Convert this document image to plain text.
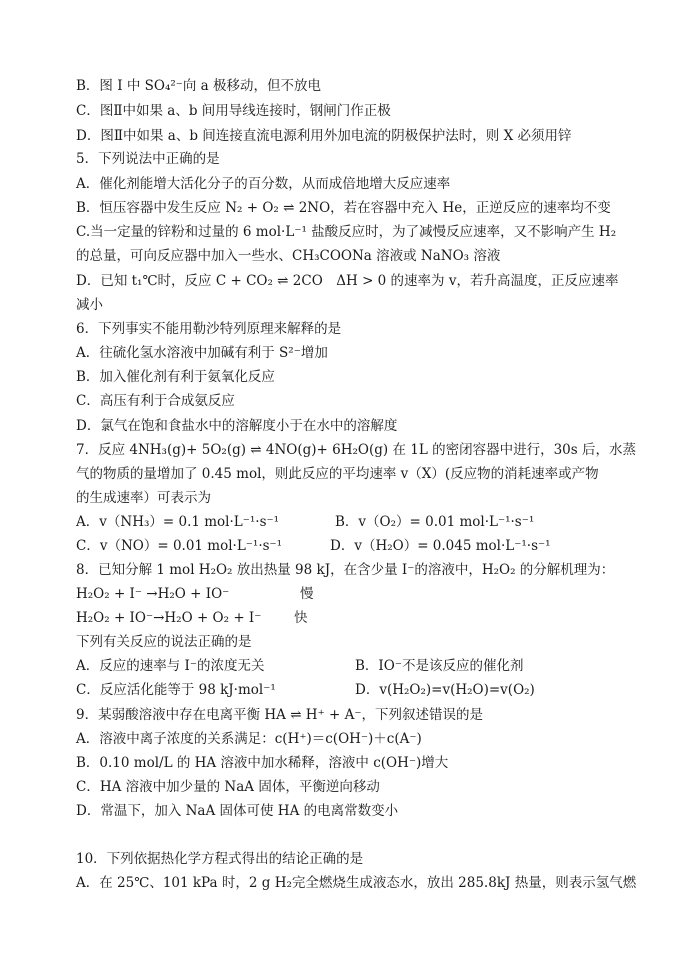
B．图 I 中 SO₄²⁻向 a 极移动，但不放电
C．图Ⅱ中如果 a、b 间用导线连接时，钢闸门作正极
D．图Ⅱ中如果 a、b 间连接直流电源利用外加电流的阴极保护法时，则 X 必须用锌
5．下列说法中正确的是
A．催化剂能增大活化分子的百分数，从而成倍地增大反应速率
B．恒压容器中发生反应 N₂ + O₂ ⇌ 2NO，若在容器中充入 He，正逆反应的速率均不变
C.当一定量的锌粉和过量的 6 mol·L⁻¹ 盐酸反应时，为了减慢反应速率，又不影响产生 H₂
的总量，可向反应器中加入一些水、CH₃COONa 溶液或 NaNO₃ 溶液
D．已知 t₁℃时，反应 C + CO₂ ⇌ 2CO　ΔH > 0 的速率为 v，若升高温度，正反应速率
减小
6．下列事实不能用勒沙特列原理来解释的是
A．往硫化氢水溶液中加碱有利于 S²⁻增加
B．加入催化剂有利于氨氧化反应
C．高压有利于合成氨反应
D．氯气在饱和食盐水中的溶解度小于在水中的溶解度
7．反应 4NH₃(g)+ 5O₂(g) ⇌ 4NO(g)+ 6H₂O(g) 在 1L 的密闭容器中进行，30s 后，水蒸
气的物质的量增加了 0.45 mol，则此反应的平均速率 v（X）(反应物的消耗速率或产物
的生成速率）可表示为
A．v（NH₃）= 0.1 mol·L⁻¹·s⁻¹	B．v（O₂）= 0.01 mol·L⁻¹·s⁻¹
C．v（NO）= 0.01 mol·L⁻¹·s⁻¹	D．v（H₂O）= 0.045 mol·L⁻¹·s⁻¹
8．已知分解 1 mol H₂O₂ 放出热量 98 kJ，在含少量 I⁻的溶液中，H₂O₂ 的分解机理为：
H₂O₂ + I⁻ →H₂O + IO⁻	慢
H₂O₂ + IO⁻→H₂O + O₂ + I⁻ 快
下列有关反应的说法正确的是
A．反应的速率与 I⁻的浓度无关	B．IO⁻不是该反应的催化剂
C．反应活化能等于 98 kJ·mol⁻¹	D．v(H₂O₂)=v(H₂O)=v(O₂)
9．某弱酸溶液中存在电离平衡 HA ⇌ H⁺ + A⁻，下列叙述错误的是
A．溶液中离子浓度的关系满足：c(H⁺)＝c(OH⁻)＋c(A⁻)
B．0.10 mol/L 的 HA 溶液中加水稀释，溶液中 c(OH⁻)增大
C．HA 溶液中加少量的 NaA 固体，平衡逆向移动
D．常温下，加入 NaA 固体可使 HA 的电离常数变小
10．下列依据热化学方程式得出的结论正确的是
A．在 25℃、101 kPa 时，2 g H₂完全燃烧生成液态水，放出 285.8kJ 热量，则表示氢气燃
